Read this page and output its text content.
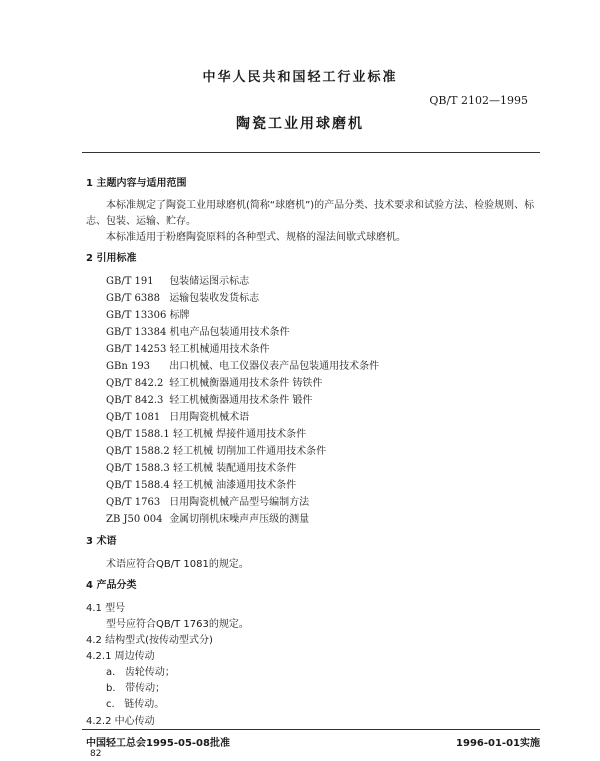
中华人民共和国轻工行业标准
QB/T 2102—1995
陶瓷工业用球磨机
1 主题内容与适用范围
本标准规定了陶瓷工业用球磨机(简称“球磨机”)的产品分类、技术要求和试验方法、检验规则、标
志、包装、运输、贮存。
本标准适用于粉磨陶瓷原料的各种型式、规格的湿法间歇式球磨机。
2 引用标准
GB/T 191 包装储运图示标志
GB/T 6388 运输包装收发货标志
GB/T 13306 标牌
GB/T 13384 机电产品包装通用技术条件
GB/T 14253 轻工机械通用技术条件
GBn 193 出口机械、电工仪器仪表产品包装通用技术条件
QB/T 842.2 轻工机械衡器通用技术条件 铸铁件
QB/T 842.3 轻工机械衡器通用技术条件 锻件
QB/T 1081 日用陶瓷机械术语
QB/T 1588.1 轻工机械 焊接件通用技术条件
QB/T 1588.2 轻工机械 切削加工件通用技术条件
QB/T 1588.3 轻工机械 装配通用技术条件
QB/T 1588.4 轻工机械 油漆通用技术条件
QB/T 1763 日用陶瓷机械产品型号编制方法
ZB J50 004 金属切削机床噪声声压级的测量
3 术语
术语应符合QB/T 1081的规定。
4 产品分类
4.1 型号
型号应符合QB/T 1763的规定。
4.2 结构型式(按传动型式分)
4.2.1 周边传动
a. 齿轮传动；
b. 带传动；
c. 链传动。
4.2.2 中心传动
中国轻工总会1995-05-08批准	1996-01-01实施
82
